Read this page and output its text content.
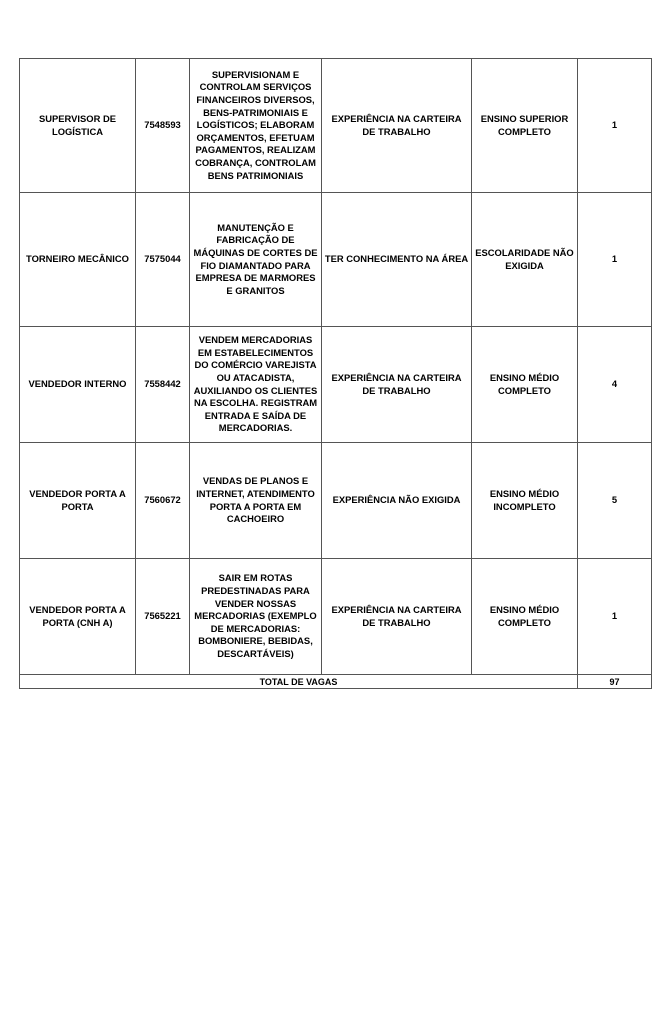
SUPERVISOR DE LOGÍSTICA	7548593	SUPERVISIONAM E CONTROLAM SERVIÇOS FINANCEIROS DIVERSOS, BENS-PATRIMONIAIS E LOGÍSTICOS; ELABORAM ORÇAMENTOS, EFETUAM PAGAMENTOS, REALIZAM COBRANÇA, CONTROLAM BENS PATRIMONIAIS	EXPERIÊNCIA NA CARTEIRA DE TRABALHO	ENSINO SUPERIOR COMPLETO	1
TORNEIRO MECÂNICO	7575044	MANUTENÇÃO E FABRICAÇÃO DE MÁQUINAS DE CORTES DE FIO DIAMANTADO PARA EMPRESA DE MARMORES E GRANITOS	TER CONHECIMENTO NA ÁREA	ESCOLARIDADE NÃO EXIGIDA	1
VENDEDOR INTERNO	7558442	VENDEM MERCADORIAS EM ESTABELECIMENTOS DO COMÉRCIO VAREJISTA OU ATACADISTA, AUXILIANDO OS CLIENTES NA ESCOLHA. REGISTRAM ENTRADA E SAÍDA DE MERCADORIAS.	EXPERIÊNCIA NA CARTEIRA DE TRABALHO	ENSINO MÉDIO COMPLETO	4
VENDEDOR PORTA A PORTA	7560672	VENDAS DE PLANOS E INTERNET, ATENDIMENTO PORTA A PORTA EM CACHOEIRO	EXPERIÊNCIA NÃO EXIGIDA	ENSINO MÉDIO INCOMPLETO	5
VENDEDOR PORTA A PORTA (CNH A)	7565221	SAIR EM ROTAS PREDESTINADAS PARA VENDER NOSSAS MERCADORIAS (EXEMPLO DE MERCADORIAS: BOMBONIERE, BEBIDAS, DESCARTÁVEIS)	EXPERIÊNCIA NA CARTEIRA DE TRABALHO	ENSINO MÉDIO COMPLETO	1
TOTAL DE VAGAS					97
